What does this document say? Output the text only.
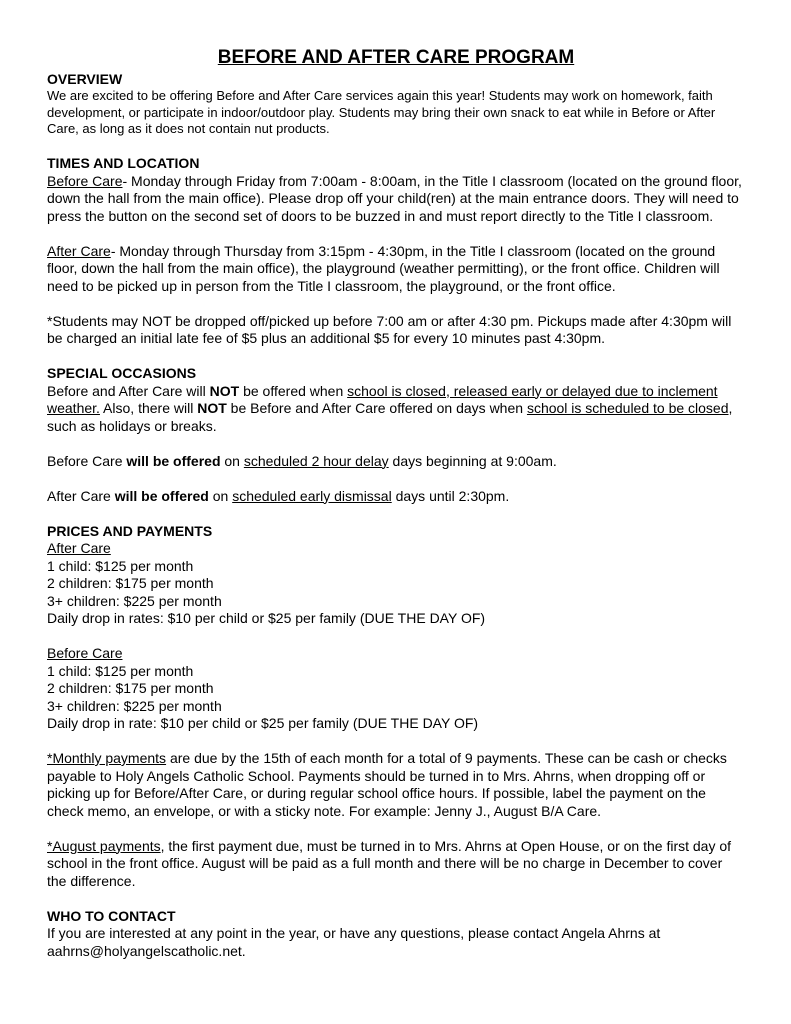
BEFORE AND AFTER CARE PROGRAM
OVERVIEW
We are excited to be offering Before and After Care services again this year! Students may work on homework, faith development, or participate in indoor/outdoor play. Students may bring their own snack to eat while in Before or After Care, as long as it does not contain nut products.
TIMES AND LOCATION

Before Care- Monday through Friday from 7:00am - 8:00am, in the Title I classroom (located on the ground floor, down the hall from the main office). Please drop off your child(ren) at the main entrance doors. They will need to press the button on the second set of doors to be buzzed in and must report directly to the Title I classroom.

After Care- Monday through Thursday from 3:15pm - 4:30pm, in the Title I classroom (located on the ground floor, down the hall from the main office), the playground (weather permitting), or the front office. Children will need to be picked up in person from the Title I classroom, the playground, or the front office.

*Students may NOT be dropped off/picked up before 7:00 am or after 4:30 pm. Pickups made after 4:30pm will be charged an initial late fee of $5 plus an additional $5 for every 10 minutes past 4:30pm.

SPECIAL OCCASIONS

Before and After Care will NOT be offered when school is closed, released early or delayed due to inclement weather. Also, there will NOT be Before and After Care offered on days when school is scheduled to be closed, such as holidays or breaks.

Before Care will be offered on scheduled 2 hour delay days beginning at 9:00am.

After Care will be offered on scheduled early dismissal days until 2:30pm.

PRICES AND PAYMENTS

After Care

1 child: $125 per month

2 children: $175 per month

3+ children: $225 per month

Daily drop in rates: $10 per child or $25 per family (DUE THE DAY OF)

Before Care

1 child: $125 per month

2 children: $175 per month

3+ children: $225 per month

Daily drop in rate: $10 per child or $25 per family (DUE THE DAY OF)

*Monthly payments are due by the 15th of each month for a total of 9 payments. These can be cash or checks payable to Holy Angels Catholic School. Payments should be turned in to Mrs. Ahrns, when dropping off or picking up for Before/After Care, or during regular school office hours. If possible, label the payment on the check memo, an envelope, or with a sticky note. For example: Jenny J., August B/A Care.

*August payments, the first payment due, must be turned in to Mrs. Ahrns at Open House, or on the first day of school in the front office. August will be paid as a full month and there will be no charge in December to cover the difference.

WHO TO CONTACT

If you are interested at any point in the year, or have any questions, please contact Angela Ahrns at aahrns@holyangelscatholic.net.
